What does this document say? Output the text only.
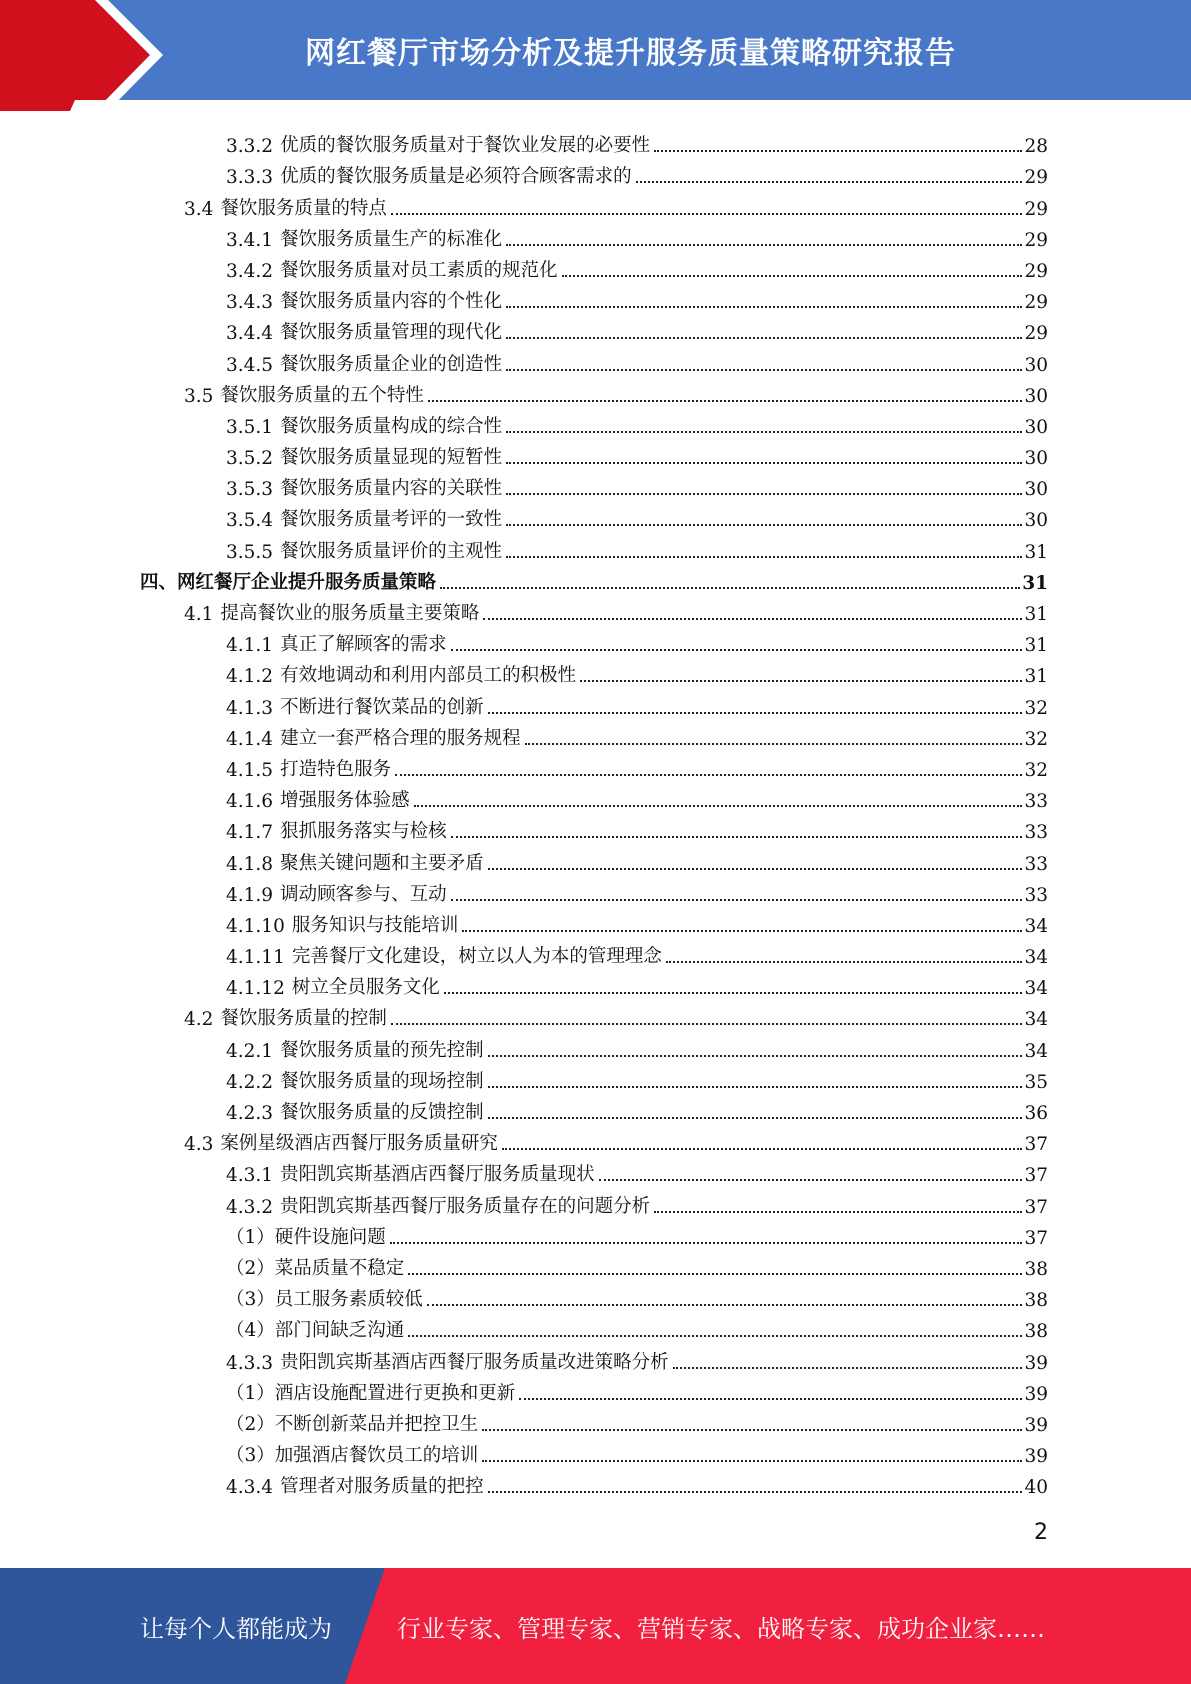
网红餐厅市场分析及提升服务质量策略研究报告
3.3.2 优质的餐饮服务质量对于餐饮业发展的必要性	28
3.3.3 优质的餐饮服务质量是必须符合顾客需求的	29
3.4 餐饮服务质量的特点	29
3.4.1 餐饮服务质量生产的标准化	29
3.4.2 餐饮服务质量对员工素质的规范化	29
3.4.3 餐饮服务质量内容的个性化	29
3.4.4 餐饮服务质量管理的现代化	29
3.4.5 餐饮服务质量企业的创造性	30
3.5 餐饮服务质量的五个特性	30
3.5.1 餐饮服务质量构成的综合性	30
3.5.2 餐饮服务质量显现的短暂性	30
3.5.3 餐饮服务质量内容的关联性	30
3.5.4 餐饮服务质量考评的一致性	30
3.5.5 餐饮服务质量评价的主观性	31
四、网红餐厅企业提升服务质量策略	31
4.1 提高餐饮业的服务质量主要策略	31
4.1.1 真正了解顾客的需求	31
4.1.2 有效地调动和利用内部员工的积极性	31
4.1.3 不断进行餐饮菜品的创新	32
4.1.4 建立一套严格合理的服务规程	32
4.1.5 打造特色服务	32
4.1.6 增强服务体验感	33
4.1.7 狠抓服务落实与检核	33
4.1.8 聚焦关键问题和主要矛盾	33
4.1.9 调动顾客参与、互动	33
4.1.10 服务知识与技能培训	34
4.1.11 完善餐厅文化建设，树立以人为本的管理理念	34
4.1.12 树立全员服务文化	34
4.2 餐饮服务质量的控制	34
4.2.1 餐饮服务质量的预先控制	34
4.2.2 餐饮服务质量的现场控制	35
4.2.3 餐饮服务质量的反馈控制	36
4.3 案例星级酒店西餐厅服务质量研究	37
4.3.1 贵阳凯宾斯基酒店西餐厅服务质量现状	37
4.3.2 贵阳凯宾斯基西餐厅服务质量存在的问题分析	37
（1）硬件设施问题	37
（2）菜品质量不稳定	38
（3）员工服务素质较低	38
（4）部门间缺乏沟通	38
4.3.3 贵阳凯宾斯基酒店西餐厅服务质量改进策略分析	39
（1）酒店设施配置进行更换和更新	39
（2）不断创新菜品并把控卫生	39
（3）加强酒店餐饮员工的培训	39
4.3.4 管理者对服务质量的把控	40
2
让每个人都能成为	行业专家、管理专家、营销专家、战略专家、成功企业家……
